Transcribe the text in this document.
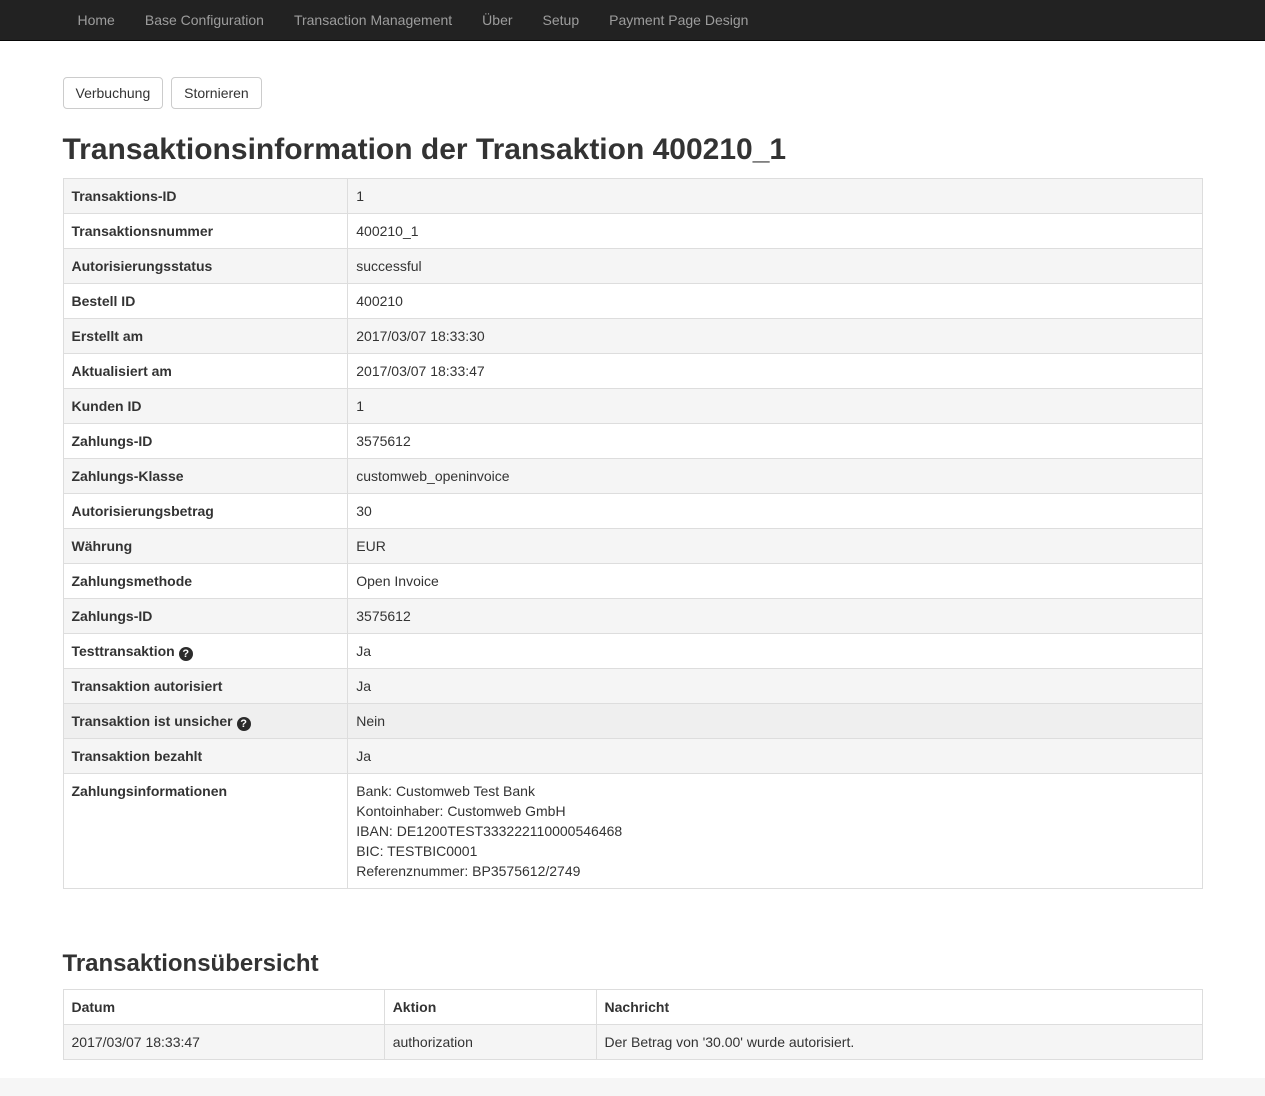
Home	Base Configuration	Transaction Management	Über	Setup	Payment Page Design
Verbuchung Stornieren
Transaktionsinformation der Transaktion 400210_1
Transaktions-ID	1
Transaktionsnummer	400210_1
Autorisierungsstatus	successful
Bestell ID	400210
Erstellt am	2017/03/07 18:33:30
Aktualisiert am	2017/03/07 18:33:47
Kunden ID	1
Zahlungs-ID	3575612
Zahlungs-Klasse	customweb_openinvoice
Autorisierungsbetrag	30
Währung	EUR
Zahlungsmethode	Open Invoice
Zahlungs-ID	3575612
Testtransaktion ?	Ja
Transaktion autorisiert	Ja
Transaktion ist unsicher ?	Nein
Transaktion bezahlt	Ja
Zahlungsinformationen	Bank: Customweb Test Bank
Kontoinhaber: Customweb GmbH
IBAN: DE1200TEST333222110000546468
BIC: TESTBIC0001
Referenznummer: BP3575612/2749
Transaktionsübersicht
Datum	Aktion	Nachricht
2017/03/07 18:33:47	authorization	Der Betrag von '30.00' wurde autorisiert.
